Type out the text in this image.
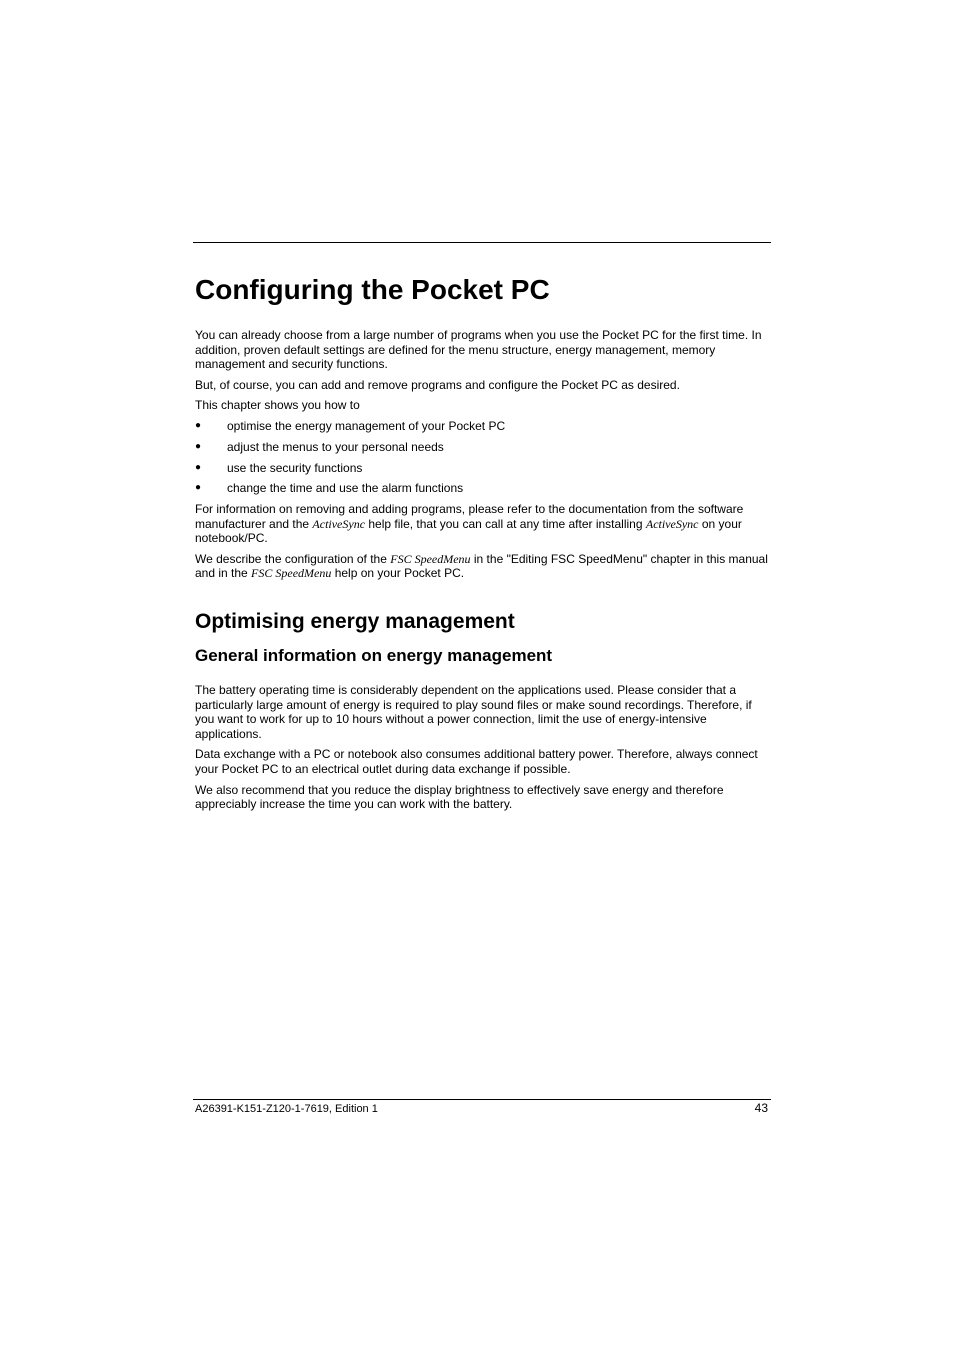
Configuring the Pocket PC

You can already choose from a large number of programs when you use the Pocket PC for the first time. In addition, proven default settings are defined for the menu structure, energy management, memory management and security functions.

But, of course, you can add and remove programs and configure the Pocket PC as desired.

This chapter shows you how to

● optimise the energy management of your Pocket PC
● adjust the menus to your personal needs
● use the security functions
● change the time and use the alarm functions

For information on removing and adding programs, please refer to the documentation from the software manufacturer and the ActiveSync help file, that you can call at any time after installing ActiveSync on your notebook/PC.

We describe the configuration of the FSC SpeedMenu in the "Editing FSC SpeedMenu" chapter in this manual and in the FSC SpeedMenu help on your Pocket PC.

Optimising energy management
General information on energy management

The battery operating time is considerably dependent on the applications used. Please consider that a particularly large amount of energy is required to play sound files or make sound recordings. Therefore, if you want to work for up to 10 hours without a power connection, limit the use of energy-intensive applications.

Data exchange with a PC or notebook also consumes additional battery power. Therefore, always connect your Pocket PC to an electrical outlet during data exchange if possible.

We also recommend that you reduce the display brightness to effectively save energy and therefore appreciably increase the time you can work with the battery.

A26391-K151-Z120-1-7619, Edition 1	43
